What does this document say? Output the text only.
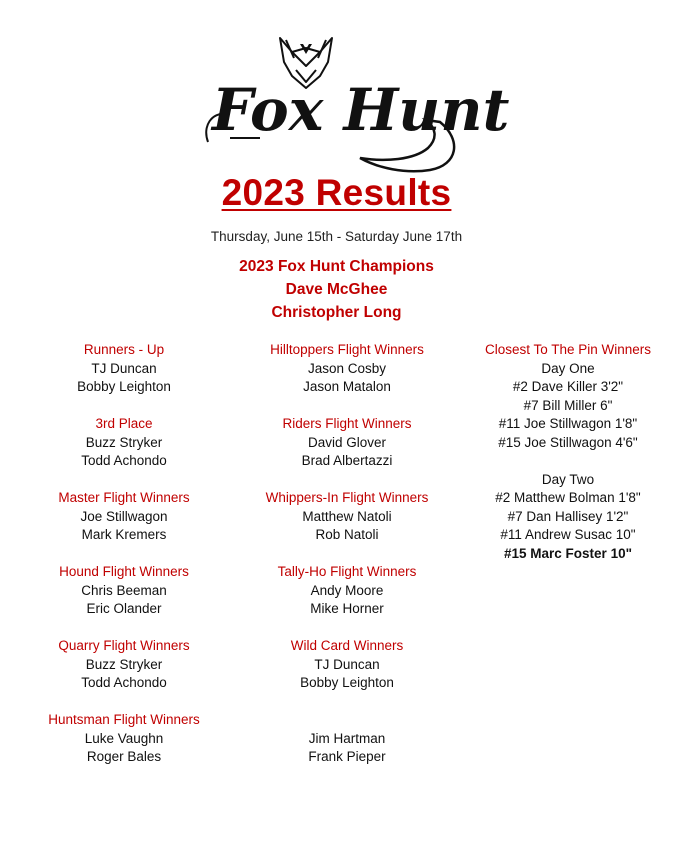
Fox Hunt
2023 Results
Thursday, June 15th - Saturday June 17th
2023 Fox Hunt Champions
Dave McGhee
Christopher Long
Runners - Up
TJ Duncan
Bobby Leighton
3rd Place
Buzz Stryker
Todd Achondo
Master Flight Winners
Joe Stillwagon
Mark Kremers
Hound Flight Winners
Chris Beeman
Eric Olander
Quarry Flight Winners
Buzz Stryker
Todd Achondo
Huntsman Flight Winners
Luke Vaughn
Roger Bales
Hilltoppers Flight Winners
Jason Cosby
Jason Matalon
Riders Flight Winners
David Glover
Brad Albertazzi
Whippers-In Flight Winners
Matthew Natoli
Rob Natoli
Tally-Ho Flight Winners
Andy Moore
Mike Horner
Wild Card Winners
TJ Duncan
Bobby Leighton
Jim Hartman
Frank Pieper
Closest To The Pin Winners
Day One
#2 Dave Killer 3'2"
#7 Bill Miller 6"
#11 Joe Stillwagon 1'8"
#15 Joe Stillwagon 4'6"
Day Two
#2 Matthew Bolman 1'8"
#7 Dan Hallisey 1'2"
#11 Andrew Susac 10"
#15 Marc Foster 10"
